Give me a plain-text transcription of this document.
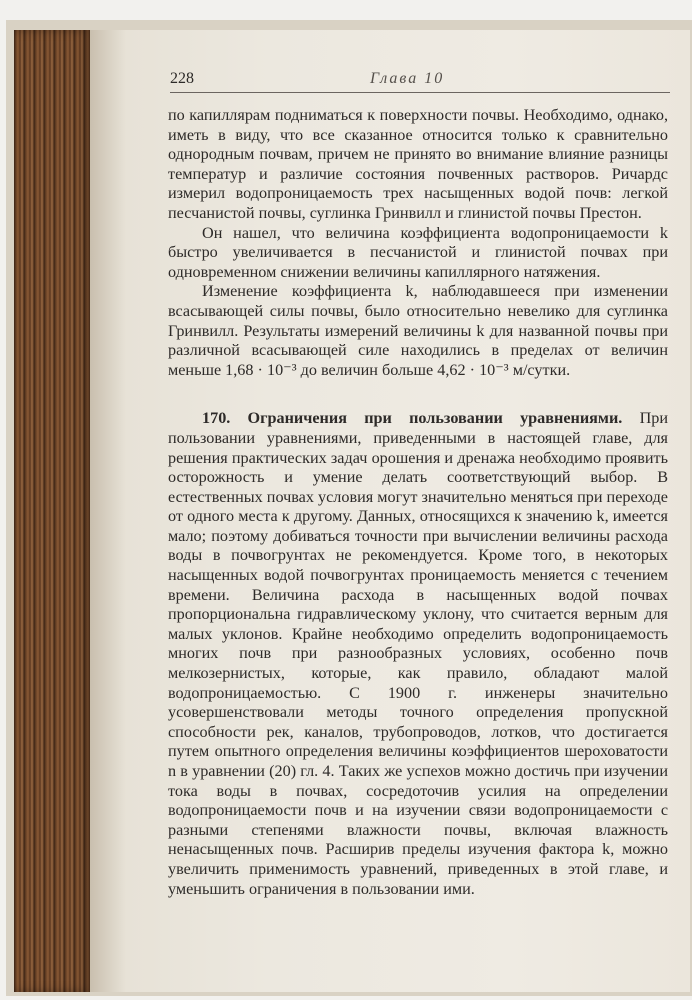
228	Глава 10

по капиллярам подниматься к поверхности почвы. Необходимо, однако, иметь в виду, что все сказанное относится только к сравнительно однородным почвам, причем не принято во внимание влияние разницы температур и различие состояния почвенных растворов. Ричардс измерил водопроницаемость трех насыщенных водой почв: легкой песчанистой почвы, суглинка Гринвилл и глинистой почвы Престон.

Он нашел, что величина коэффициента водопроницаемости k быстро увеличивается в песчанистой и глинистой почвах при одновременном снижении величины капиллярного натяжения.

Изменение коэффициента k, наблюдавшееся при изменении всасывающей силы почвы, было относительно невелико для суглинка Гринвилл. Результаты измерений величины k для названной почвы при различной всасывающей силе находились в пределах от величин меньше 1,68 · 10⁻³ до величин больше 4,62 · 10⁻³ м/сутки.

170. Ограничения при пользовании уравнениями. При пользовании уравнениями, приведенными в настоящей главе, для решения практических задач орошения и дренажа необходимо проявить осторожность и умение делать соответствующий выбор. В естественных почвах условия могут значительно меняться при переходе от одного места к другому. Данных, относящихся к значению k, имеется мало; поэтому добиваться точности при вычислении величины расхода воды в почвогрунтах не рекомендуется. Кроме того, в некоторых насыщенных водой почвогрунтах проницаемость меняется с течением времени. Величина расхода в насыщенных водой почвах пропорциональна гидравлическому уклону, что считается верным для малых уклонов. Крайне необходимо определить водопроницаемость многих почв при разнообразных условиях, особенно почв мелкозернистых, которые, как правило, обладают малой водопроницаемостью. С 1900 г. инженеры значительно усовершенствовали методы точного определения пропускной способности рек, каналов, трубопроводов, лотков, что достигается путем опытного определения величины коэффициентов шероховатости n в уравнении (20) гл. 4. Таких же успехов можно достичь при изучении тока воды в почвах, сосредоточив усилия на определении водопроницаемости почв и на изучении связи водопроницаемости с разными степенями влажности почвы, включая влажность ненасыщенных почв. Расширив пределы изучения фактора k, можно увеличить применимость уравнений, приведенных в этой главе, и уменьшить ограничения в пользовании ими.
